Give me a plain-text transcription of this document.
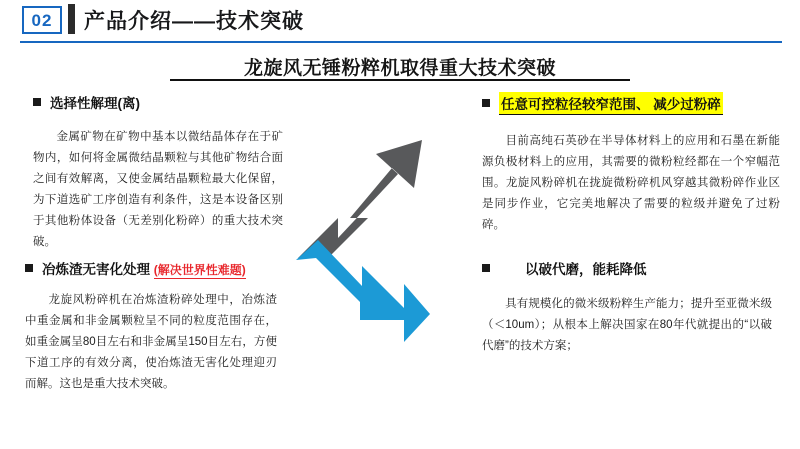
02	产品介绍——技术突破
龙旋风无锤粉粹机取得重大技术突破
选择性解理(离)
金属矿物在矿物中基本以微结晶体存在于矿物内，如何将金属微结晶颗粒与其他矿物结合面之间有效解离，又使金属结晶颗粒最大化保留，为下道选矿工序创造有利条件，这是本设备区别于其他粉体设备（无差别化粉碎）的重大技术突破。
任意可控粒径较窄范围、 减少过粉碎
目前高纯石英砂在半导体材料上的应用和石墨在新能源负极材料上的应用，其需要的微粉粒经都在一个窄幅范围。龙旋风粉碎机在拢旋微粉碎机风穿越其微粉碎作业区是同步作业，它完美地解决了需要的粒级并避免了过粉碎。
冶炼渣无害化处理 (解决世界性难题)
龙旋风粉碎机在冶炼渣粉碎处理中，冶炼渣中重金属和非金属颗粒呈不同的粒度范围存在，如重金属呈80目左右和非金属呈150目左右，方便下道工序的有效分离，使冶炼渣无害化处理迎刃而解。这也是重大技术突破。
以破代磨，能耗降低
具有规模化的微米级粉粹生产能力；提升至亚微米级（＜10um）；从根本上解决国家在80年代就提出的“以破代磨”的技术方案；
